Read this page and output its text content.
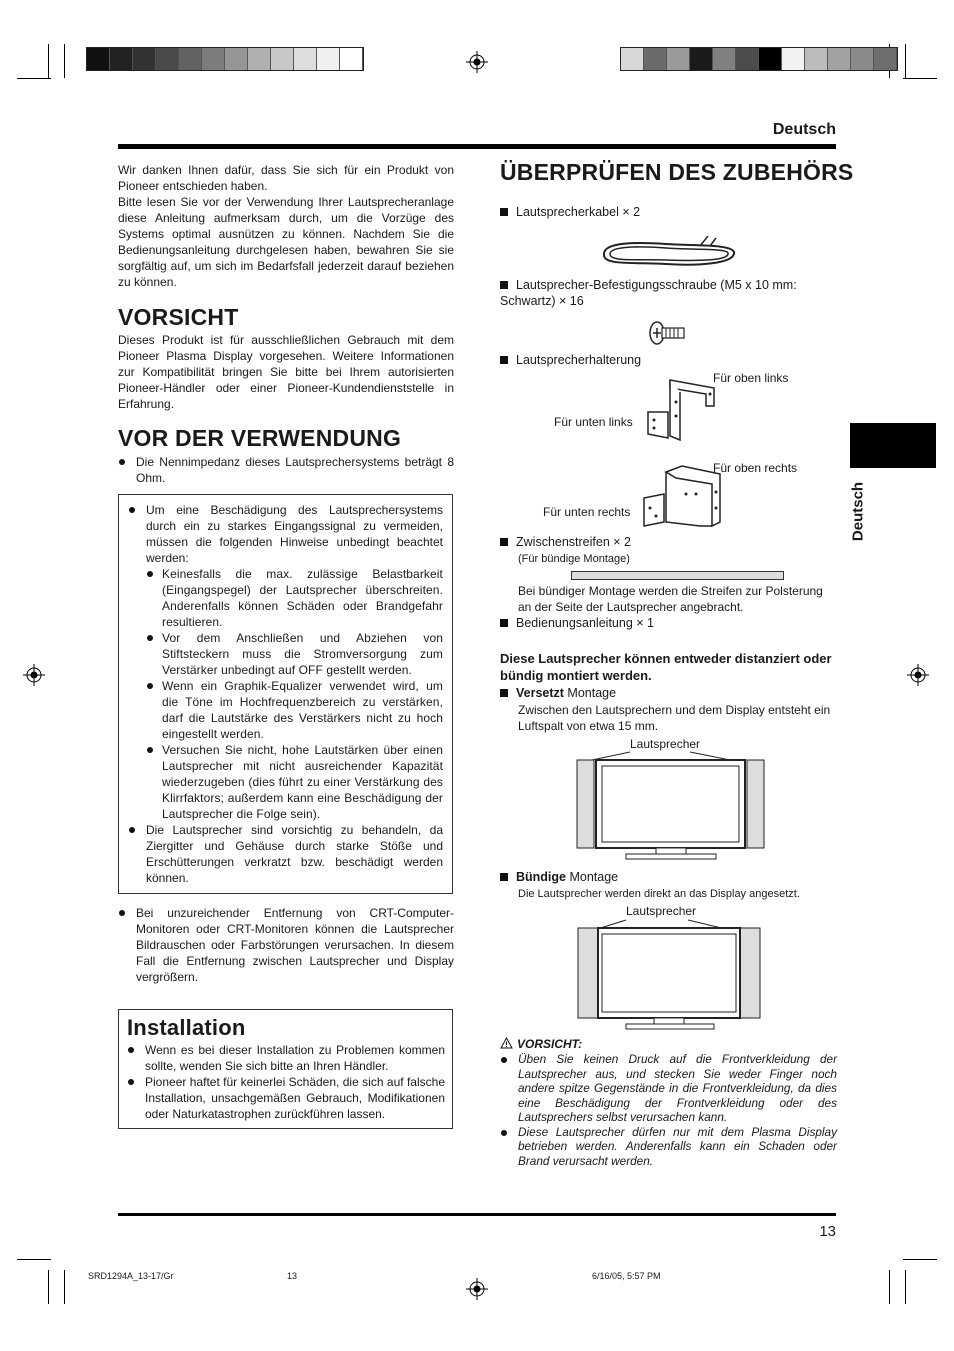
Deutsch
Deutsch
Wir danken Ihnen dafür, dass Sie sich für ein Produkt von Pioneer entschieden haben.
Bitte lesen Sie vor der Verwendung Ihrer Lautsprecheranlage diese Anleitung aufmerksam durch, um die Vorzüge des Systems optimal ausnützen zu können. Nachdem Sie die Bedienungsanleitung durchgelesen haben, bewahren Sie sie sorgfältig auf, um sich im Bedarfsfall jederzeit darauf beziehen zu können.
VORSICHT
Dieses Produkt ist für ausschließlichen Gebrauch mit dem Pioneer Plasma Display vorgesehen. Weitere Informationen zur Kompatibilität bringen Sie bitte bei Ihrem autorisierten Pioneer-Händler oder einer Pioneer-Kundendienststelle in Erfahrung.
VOR DER VERWENDUNG
Die Nennimpedanz dieses Lautsprechersystems beträgt 8 Ohm.
Um eine Beschädigung des Lautsprechersystems durch ein zu starkes Eingangssignal zu vermeiden, müssen die folgenden Hinweise unbedingt beachtet werden:
Keinesfalls die max. zulässige Belastbarkeit (Eingangspegel) der Lautsprecher überschreiten. Anderenfalls können Schäden oder Brandgefahr resultieren.
Vor dem Anschließen und Abziehen von Stiftsteckern muss die Stromversorgung zum Verstärker unbedingt auf OFF gestellt werden.
Wenn ein Graphik-Equalizer verwendet wird, um die Töne im Hochfrequenzbereich zu verstärken, darf die Lautstärke des Verstärkers nicht zu hoch eingestellt werden.
Versuchen Sie nicht, hohe Lautstärken über einen Lautsprecher mit nicht ausreichender Kapazität wiederzugeben (dies führt zu einer Verstärkung des Klirrfaktors; außerdem kann eine Beschädigung der Lautsprecher die Folge sein).
Die Lautsprecher sind vorsichtig zu behandeln, da Ziergitter und Gehäuse durch starke Stöße und Erschütterungen verkratzt bzw. beschädigt werden können.
Bei unzureichender Entfernung von CRT-Computer-Monitoren oder CRT-Monitoren können die Lautsprecher Bildrauschen oder Farbstörungen verursachen. In diesem Fall die Entfernung zwischen Lautsprecher und Display vergrößern.
Installation
Wenn es bei dieser Installation zu Problemen kommen sollte, wenden Sie sich bitte an Ihren Händler.
Pioneer haftet für keinerlei Schäden, die sich auf falsche Installation, unsachgemäßen Gebrauch, Modifikationen oder Naturkatastrophen zurückführen lassen.
ÜBERPRÜFEN DES ZUBEHÖRS
Lautsprecherkabel × 2
Lautsprecher-Befestigungsschraube (M5 x 10 mm: Schwartz) × 16
Lautsprecherhalterung
Für oben links
Für unten links
Für oben rechts
Für unten rechts
Zwischenstreifen × 2
(Für bündige Montage)
Bei bündiger Montage werden die Streifen zur Polsterung an der Seite der Lautsprecher angebracht.
Bedienungsanleitung × 1
Diese Lautsprecher können entweder distanziert oder bündig montiert werden.
Versetzt Montage
Zwischen den Lautsprechern und dem Display entsteht ein Luftspalt von etwa 15 mm.
Lautsprecher
Bündige Montage
Die Lautsprecher werden direkt an das Display angesetzt.
Lautsprecher
VORSICHT:
Üben Sie keinen Druck auf die Frontverkleidung der Lautsprecher aus, und stecken Sie weder Finger noch andere spitze Gegenstände in die Frontverkleidung, da dies eine Beschädigung der Frontverkleidung oder des Lautsprechers selbst verursachen kann.
Diese Lautsprecher dürfen nur mit dem Plasma Display betrieben werden. Anderenfalls kann ein Schaden oder Brand verursacht werden.
13
SRD1294A_13-17/Gr	13	6/16/05, 5:57 PM
